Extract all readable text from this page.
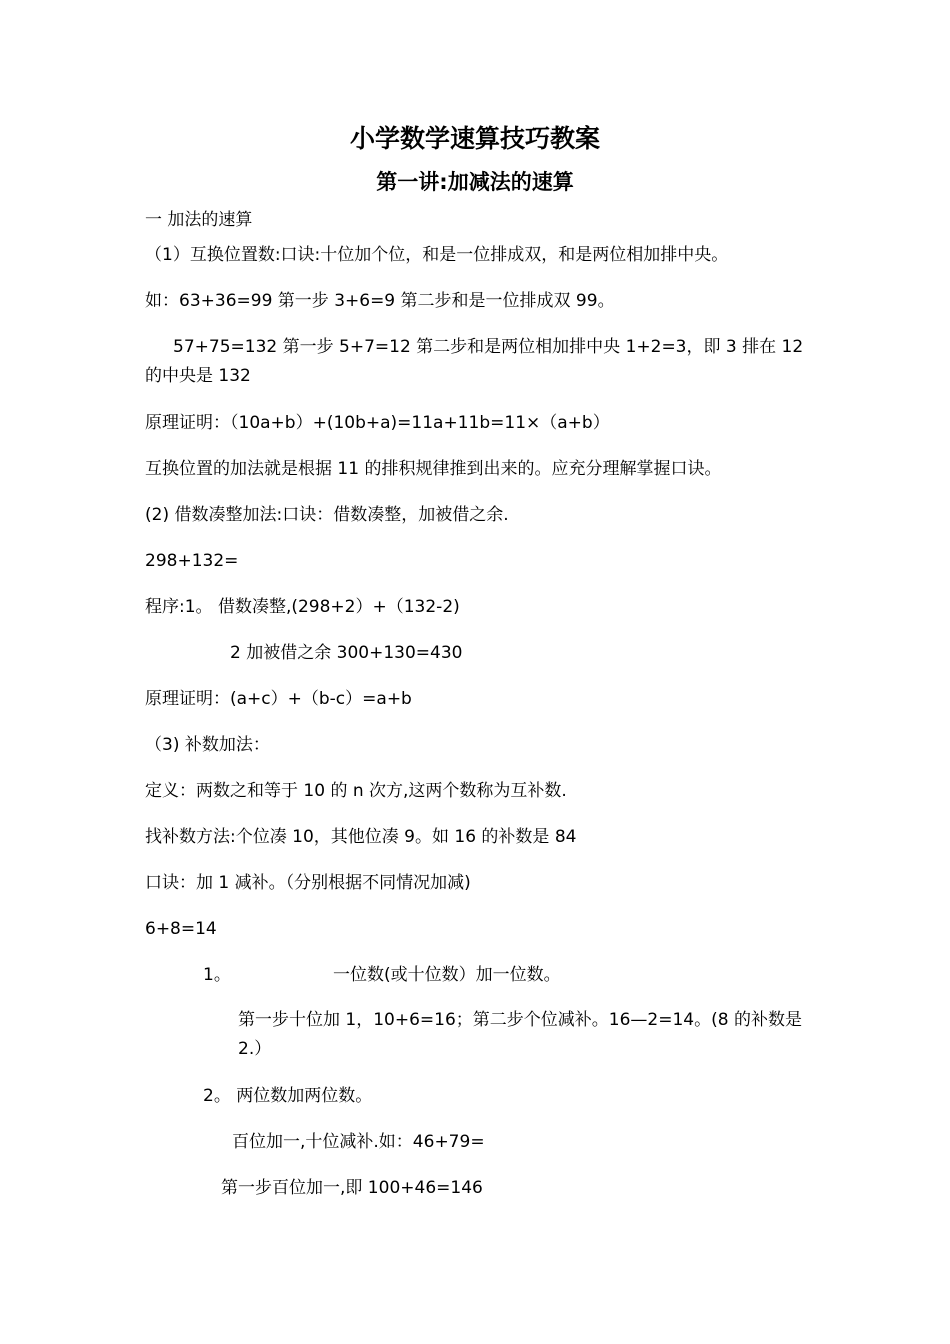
小学数学速算技巧教案
第一讲:加减法的速算
一 加法的速算
（1）互换位置数:口诀:十位加个位，和是一位排成双，和是两位相加排中央。
如：63+36=99 第一步 3+6=9 第二步和是一位排成双 99。
57+75=132 第一步 5+7=12 第二步和是两位相加排中央 1+2=3，即 3 排在 12 的中央是 132
原理证明：（10a+b）+(10b+a)=11a+11b=11×（a+b）
互换位置的加法就是根据 11 的排积规律推到出来的。应充分理解掌握口诀。
(2) 借数凑整加法:口诀：借数凑整，加被借之余.
298+132=
程序:1。 借数凑整,(298+2）+（132-2)
2 加被借之余 300+130=430
原理证明：(a+c）+（b-c）=a+b
（3) 补数加法：
定义：两数之和等于 10 的 n 次方,这两个数称为互补数.
找补数方法:个位凑 10，其他位凑 9。如 16 的补数是 84
口诀：加 1 减补。（分别根据不同情况加减)
6+8=14
1。	一位数(或十位数）加一位数。
第一步十位加 1，10+6=16；第二步个位减补。16—2=14。(8 的补数是 2.）
2。 两位数加两位数。
百位加一,十位减补.如：46+79=
第一步百位加一,即 100+46=146
